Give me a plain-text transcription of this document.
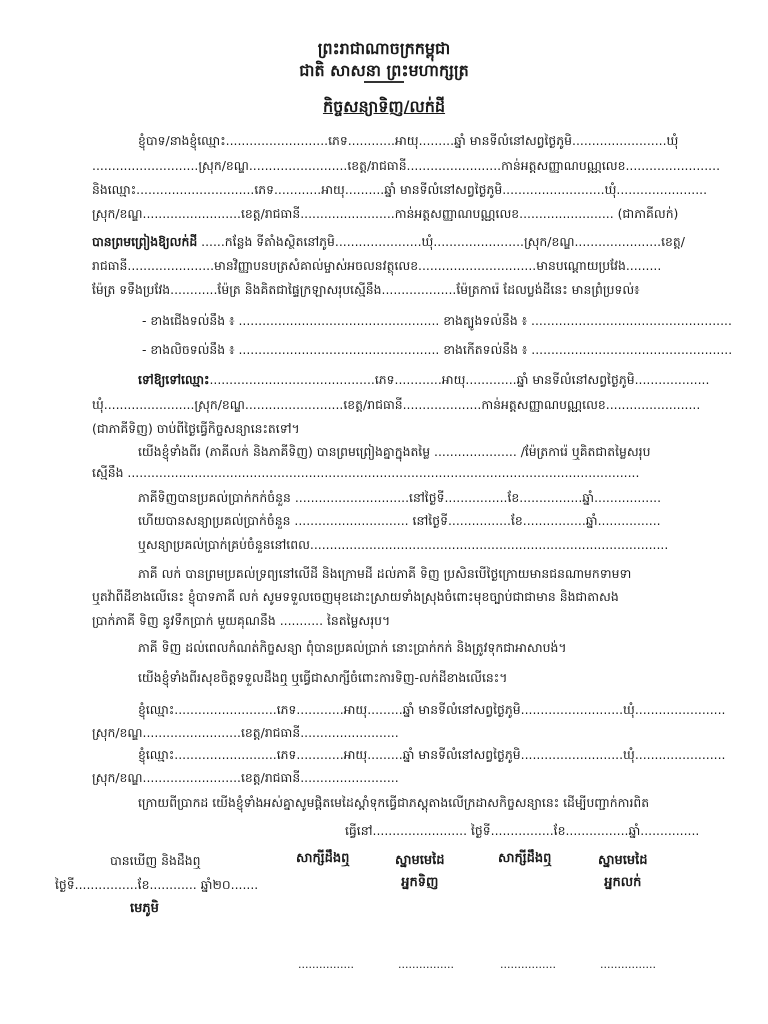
ព្រះរាជាណាចក្រកម្ពុជា
ជាតិ សាសនា ព្រះមហាក្សត្រ
កិច្ចសន្យាទិញ/លក់ដី
ខ្ញុំបាទ/នាងខ្ញុំឈ្មោះ..........................ភេទ............អាយុ.........ឆ្នាំ មានទីលំនៅសព្វថ្ងៃភូមិ........................ឃុំ
...........................ស្រុក/ខណ្ឌ.........................ខេត្ត/រាជធានី........................កាន់អត្តសញ្ញាណបណ្ណលេខ........................
និងឈ្មោះ..............................ភេទ............អាយុ..........ឆ្នាំ មានទីលំនៅសព្វថ្ងៃភូមិ..........................ឃុំ.......................
ស្រុក/ខណ្ឌ.........................ខេត្ត/រាជធានី........................កាន់អត្តសញ្ញាណបណ្ណលេខ........................ (ជាភាគីលក់)
បានព្រមព្រៀងឱ្យលក់ដី ......កន្លែង ទីតាំងស្ថិតនៅភូមិ......................ឃុំ.......................ស្រុក/ខណ្ឌ......................ខេត្ត/
រាជធានី......................មានវិញ្ញាបនបត្រសំគាល់ម្ចាស់អចលនវត្ថុលេខ..............................មានបណ្តោយប្រវែង.........
ម៉ែត្រ ទទឹងប្រវែង............ម៉ែត្រ និងគិតជាផ្ទៃក្រឡាសរុបស្មើនឹង...................ម៉ែត្រការ៉េ ដែលប្លង់ដីនេះ មានព្រំប្រទល់៖
- ខាងជើងទល់នឹង ៖ ................................................... ខាងត្បូងទល់នឹង ៖ ...................................................
- ខាងលិចទល់នឹង ៖ ................................................... ខាងកើតទល់នឹង ៖ ...................................................
ទៅឱ្យទៅឈ្មោះ..........................................ភេទ............អាយុ.............ឆ្នាំ មានទីលំនៅសព្វថ្ងៃភូមិ...................
ឃុំ.......................ស្រុក/ខណ្ឌ.........................ខេត្ត/រាជធានី....................កាន់អត្តសញ្ញាណបណ្ណលេខ........................
(ជាភាគីទិញ) ចាប់ពីថ្ងៃធ្វើកិច្ចសន្យានេះតទៅ។
យើងខ្ញុំទាំងពីរ (ភាគីលក់ និងភាគីទិញ) បានព្រមព្រៀងគ្នាក្នុងតម្លៃ ..................... /ម៉ែត្រការ៉េ ឬគិតជាតម្លៃសរុប
ស្មើនឹង ..................................................................................................................................
ភាគីទិញបានប្រគល់ប្រាក់កក់ចំនួន .............................នៅថ្ងៃទី................ខែ................ឆ្នាំ.................
ហើយបានសន្យាប្រគល់ប្រាក់ចំនួន ............................. នៅថ្ងៃទី................ខែ................ឆ្នាំ................
ឬសន្យាប្រគល់ប្រាក់គ្រប់ចំនួននៅពេល...........................................................................................
ភាគី លក់ បានព្រមប្រគល់ទ្រព្យនៅលើដី និងក្រោមដី ដល់ភាគី ទិញ ប្រសិនបើថ្ងៃក្រោយមានជនណាមកទាមទា
ឬតវ៉ាពីដីខាងលើនេះ ខ្ញុំបាទភាគី លក់ សូមទទួលចេញមុខដោះស្រាយទាំងស្រុងចំពោះមុខច្បាប់ជាជាមាន និងជាតាសង
ប្រាក់ភាគី ទិញ នូវទឹកប្រាក់ មួយគុណនឹង ........... នៃតម្លៃសរុប។
ភាគី ទិញ ដល់ពេលកំណត់កិច្ចសន្យា ពុំបានប្រគល់ប្រាក់ នោះប្រាក់កក់ និងត្រូវទុកជាអាសាបង់។
យើងខ្ញុំទាំងពីរសុខចិត្តទទួលដឹងឮ ឬធ្វើជាសាក្សីចំពោះការទិញ-លក់ដីខាងលើនេះ។
ខ្ញុំឈ្មោះ..........................ភេទ............អាយុ.........ឆ្នាំ មានទីលំនៅសព្វថ្ងៃភូមិ..........................ឃុំ.......................
ស្រុក/ខណ្ឌ.........................ខេត្ត/រាជធានី.........................
ខ្ញុំឈ្មោះ..........................ភេទ............អាយុ.........ឆ្នាំ មានទីលំនៅសព្វថ្ងៃភូមិ..........................ឃុំ.......................
ស្រុក/ខណ្ឌ.........................ខេត្ត/រាជធានី.........................
ក្រោយពីប្រាកដ យើងខ្ញុំទាំងអស់គ្នាសូមផ្តិតមេដៃស្តាំទុកធ្វើជាភស្តុតាងលើក្រដាសកិច្ចសន្យានេះ ដើម្បីបញ្ជាក់ការពិត
ធ្វើនៅ........................ ថ្ងៃទី................ខែ................ឆ្នាំ...............
បានឃើញ និងដឹងឮ
ថ្ងៃទី................ខែ............ ឆ្នាំ២០.......
មេភូមិ
សាក្សីដឹងឮ	ស្នាមមេដៃ
អ្នកទិញ
សាក្សីដឹងឮ	ស្នាមមេដៃ
អ្នកលក់
................	................	................	................
